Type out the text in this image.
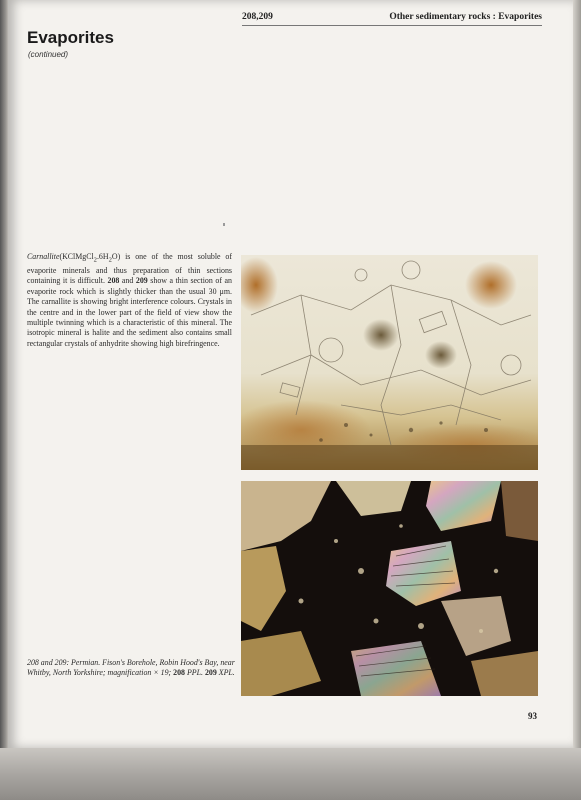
208,209	Other sedimentary rocks : Evaporites
Evaporites
(continued)
$Carnallite(KClMgCl_2.6H_2O)$ is one of the most soluble of evaporite minerals and thus preparation of thin sections containing it is difficult. 208 and 209 show a thin section of an evaporite rock which is slightly thicker than the usual 30 μm. The carnallite is showing bright interference colours. Crystals in the centre and in the lower part of the field of view show the multiple twinning which is a characteristic of this mineral. The isotropic mineral is halite and the sediment also contains small rectangular crystals of anhydrite showing high birefringence.
208 and 209: Permian. Fison's Borehole, Robin Hood's Bay, near Whitby, North Yorkshire; magnification × 19; 208 PPL. 209 XPL.
93
